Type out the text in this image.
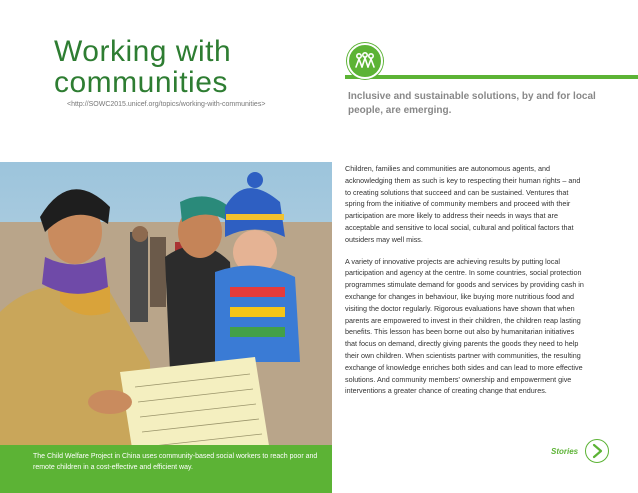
Working with
communities
<http://SOWC2015.unicef.org/topics/working-with-communities>

Inclusive and sustainable solutions, by and for local people, are emerging.

Children, families and communities are autonomous agents, and acknowledging them as such is key to respecting their human rights – and to creating solutions that succeed and can be sustained. Ventures that spring from the initiative of community members and proceed with their participation are more likely to address their needs in ways that are acceptable and sensitive to local social, cultural and political factors that outsiders may well miss.

A variety of innovative projects are achieving results by putting local participation and agency at the centre. In some countries, social protection programmes stimulate demand for goods and services by providing cash in exchange for changes in behaviour, like buying more nutritious food and visiting the doctor regularly. Rigorous evaluations have shown that when parents are empowered to invest in their children, the children reap lasting benefits. This lesson has been borne out also by humanitarian initiatives that focus on demand, directly giving parents the goods they need to help their own children. When scientists partner with communities, the resulting exchange of knowledge enriches both sides and can lead to more effective solutions. And community members' ownership and empowerment give interventions a greater chance of creating change that endures.

The Child Welfare Project in China uses community-based social workers to reach poor and remote children in a cost-effective and efficient way.
Stories
